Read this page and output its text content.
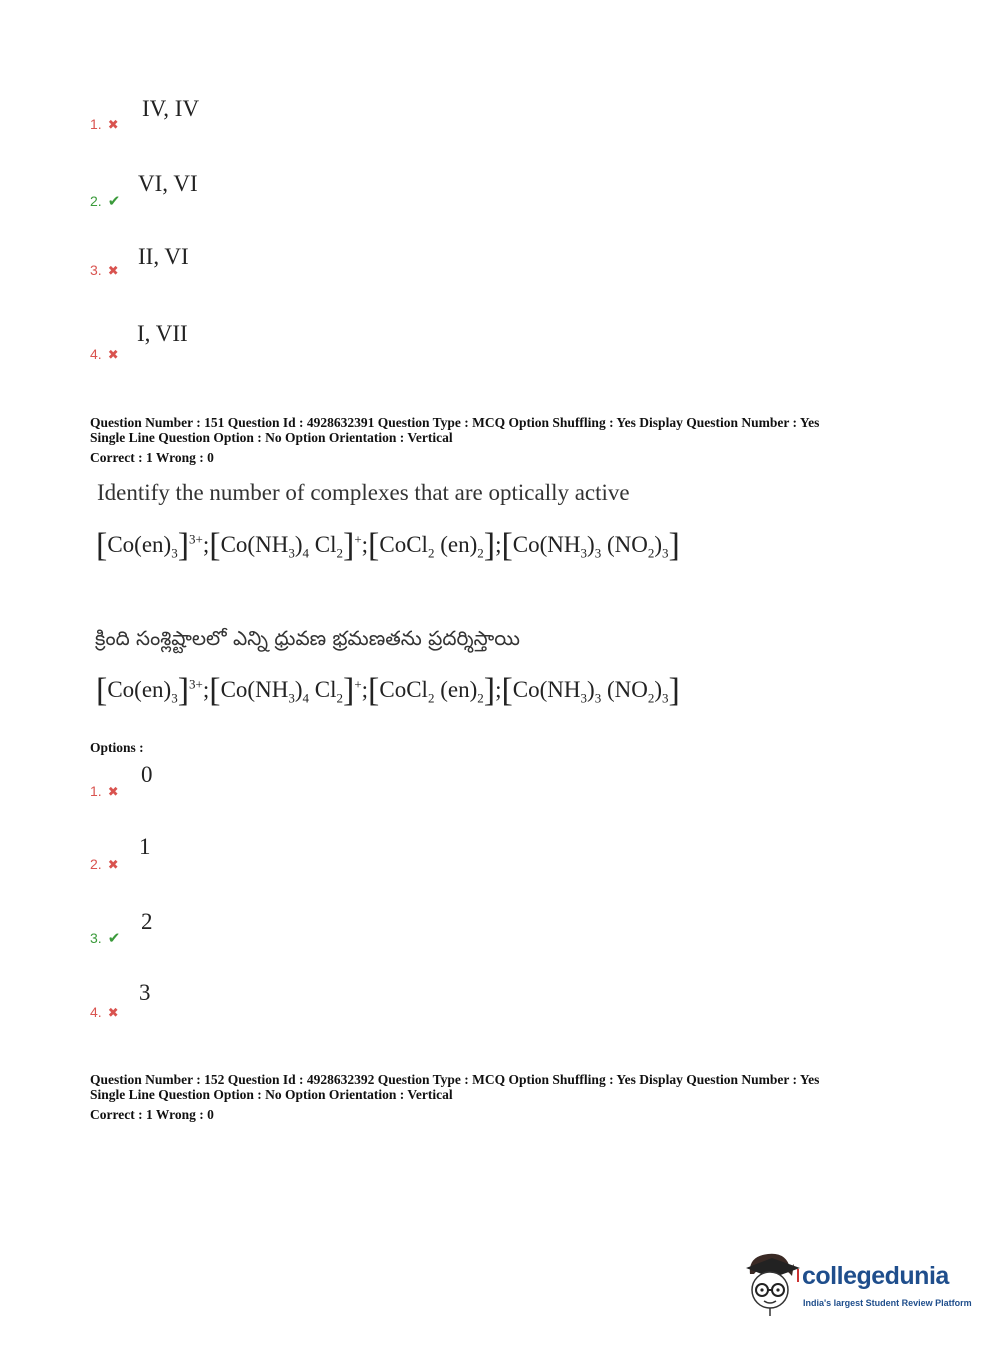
1. ✖
IV, IV
2. ✔
VI, VI
3. ✖
II, VI
4. ✖
I, VII
Question Number : 151 Question Id : 4928632391 Question Type : MCQ Option Shuffling : Yes Display Question Number : Yes
Single Line Question Option : No Option Orientation : Vertical
Correct : 1 Wrong : 0
Identify the number of complexes that are optically active
$[Co(en)_3]^{3+};[Co(NH_3)_4$ $Cl_2]^+;[CoCl_2$ $(en)_2];[Co(NH_3)_3$ $(NO_2)_3$]
క్రింది సంశ్లిష్టాలలో ఎన్ని ధ్రువణ భ్రమణతను ప్రదర్శిస్తాయి
$[Co(en)_3]^{3+};[Co(NH_3)_4$ $Cl_2]^+;[CoCl_2$ $(en)_2];[Co(NH_3)_3$ $(NO_2)_3$]
Options :
1. ✖
0
2. ✖
1
3. ✔
2
4. ✖
3
Question Number : 152 Question Id : 4928632392 Question Type : MCQ Option Shuffling : Yes Display Question Number : Yes
Single Line Question Option : No Option Orientation : Vertical
Correct : 1 Wrong : 0
collegedunia
India's largest Student Review Platform
